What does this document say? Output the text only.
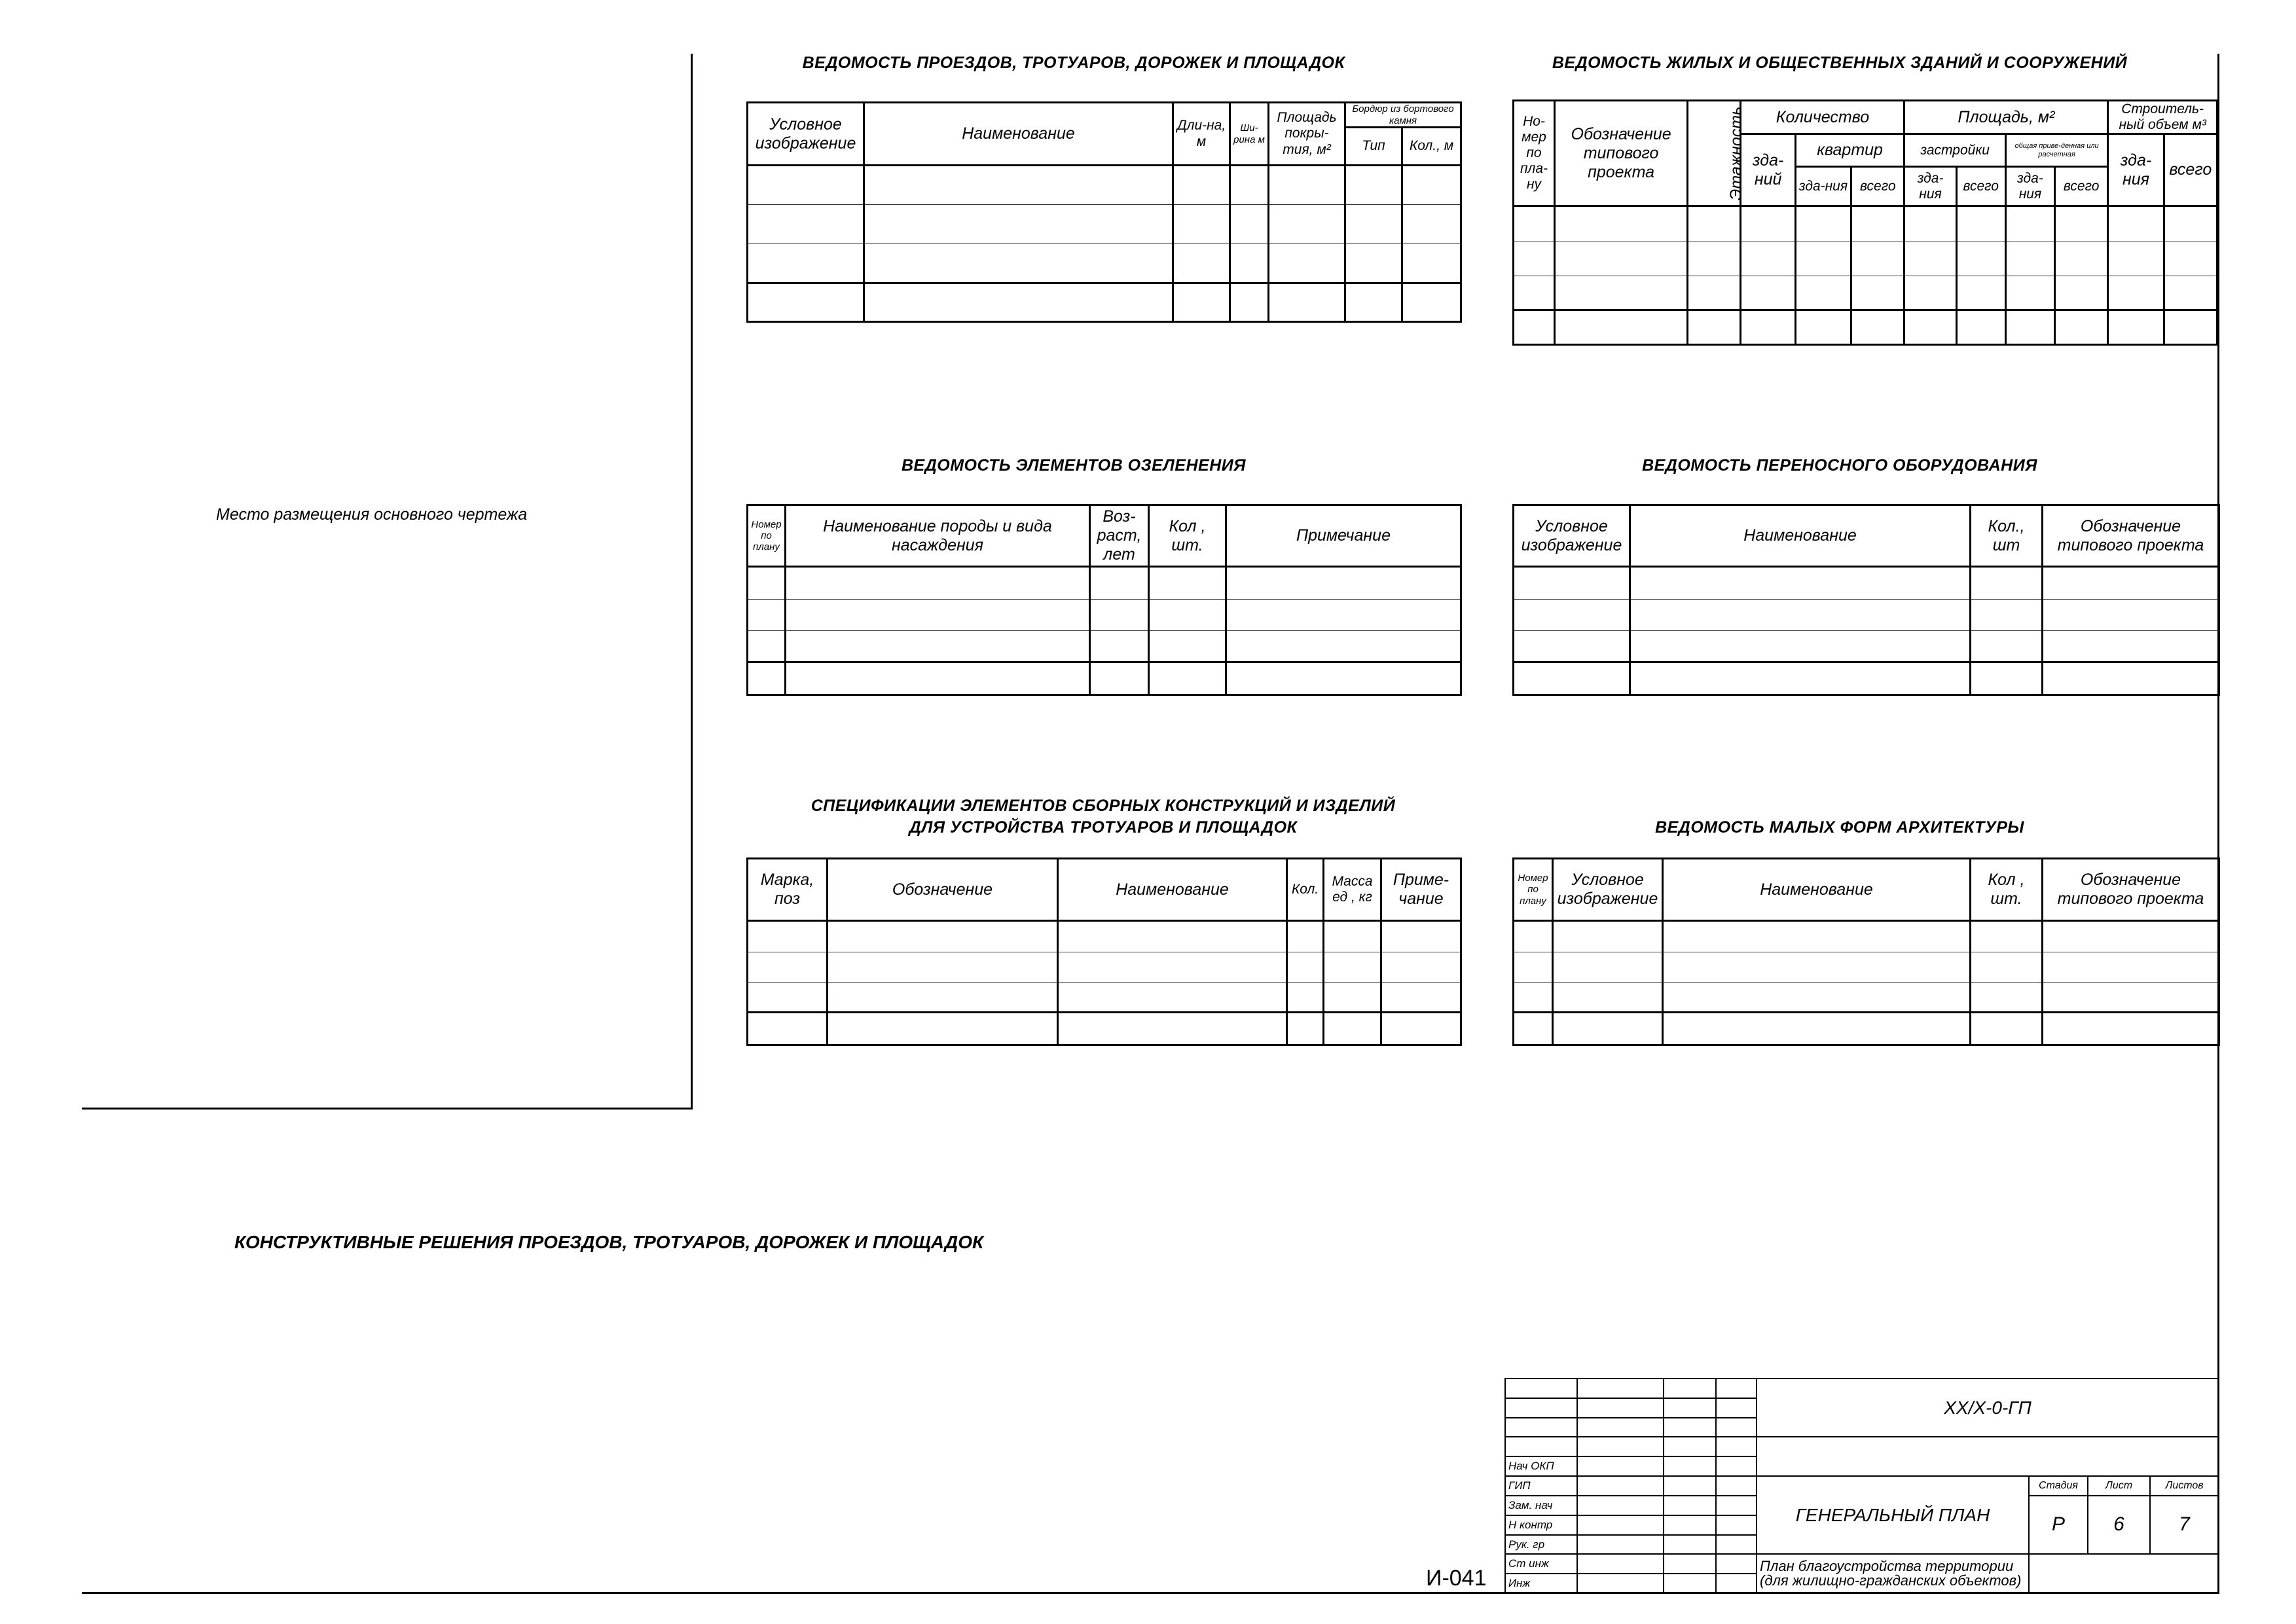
Место размещения основного чертежа
КОНСТРУКТИВНЫЕ РЕШЕНИЯ ПРОЕЗДОВ, ТРОТУАРОВ, ДОРОЖЕК И ПЛОЩАДОК
И-041
ВЕДОМОСТЬ ПРОЕЗДОВ, ТРОТУАРОВ, ДОРОЖЕК И ПЛОЩАДОК
Условное изображение	Наименование	Дли-на, м	Ши-рина м	Площадь покры-тия, м²	Бордюр из бортового камня	
					Тип	Кол., м

ВЕДОМОСТЬ ЖИЛЫХ И ОБЩЕСТВЕННЫХ ЗДАНИЙ И СООРУЖЕНИЙ
Но-мер по пла-ну	Обозначение типового проекта	Этажность	Количество			Площадь, м²				Строитель-ный объем м³	
			зда-ний	квартир		застройки		общая приве-денная или расчетная		зда-ния	всего
				зда-ния	всего	зда-ния	всего	зда-ния	всего		

ВЕДОМОСТЬ ЭЛЕМЕНТОВ ОЗЕЛЕНЕНИЯ
Номер по плану	Наименование породы и вида насаждения	Воз-раст, лет	Кол , шт.	Примечание

ВЕДОМОСТЬ ПЕРЕНОСНОГО ОБОРУДОВАНИЯ
Условное изображение	Наименование	Кол., шт	Обозначение типового проекта

СПЕЦИФИКАЦИИ ЭЛЕМЕНТОВ СБОРНЫХ КОНСТРУКЦИЙ И ИЗДЕЛИЙ
ДЛЯ УСТРОЙСТВА ТРОТУАРОВ И ПЛОЩАДОК
Марка, поз	Обозначение	Наименование	Кол.	Масса ед , кг	Приме-чание

ВЕДОМОСТЬ МАЛЫХ ФОРМ АРХИТЕКТУРЫ
Номер по плану	Условное изображение	Наименование	Кол , шт.	Обозначение типового проекта

				XX/X-0-ГП			

Нач ОКП							
ГИП				ГЕНЕРАЛЬНЫЙ ПЛАН	Стадия	Лист	Листов
Зам. нач					Р	6	7
Н контр							
Рук. гр							
Ст инж				План благоустройства территории (для жилищно-гражданских объектов)			
Инж							
